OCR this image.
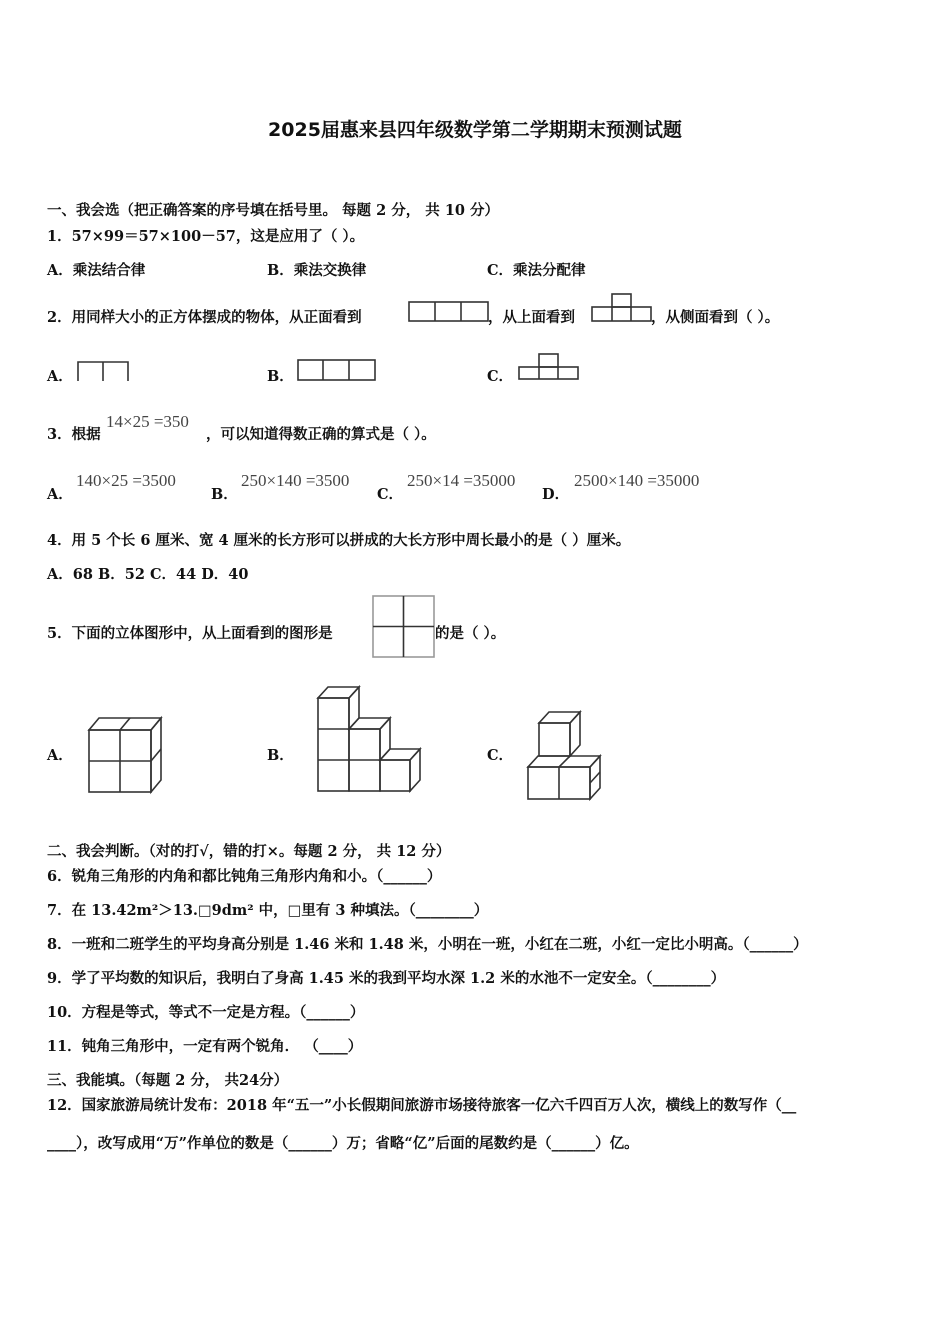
2025届惠来县四年级数学第二学期期末预测试题
一、我会选（把正确答案的序号填在括号里。 每题 2 分， 共 10 分）
1．57×99＝57×100－57，这是应用了（ ）。
A．乘法结合律	B．乘法交换律	C．乘法分配律
2．用同样大小的正方体摆成的物体，从正面看到	，从上面看到	，从侧面看到（ ）。
A．	B．	C．
3．根据
14×25 =350
，可以知道得数正确的算式是（ ）。
A．
140×25 =3500
B．
250×140 =3500
C．
250×14 =35000
D．
2500×140 =35000
4．用 5 个长 6 厘米、宽 4 厘米的长方形可以拼成的大长方形中周长最小的是（ ）厘米。
A．68 B．52 C．44 D．40
5．下面的立体图形中，从上面看到的图形是	的是（ ）。
A．	B．	C．
二、我会判断。（对的打√，错的打×。每题 2 分， 共 12 分）
6．锐角三角形的内角和都比钝角三角形内角和小。（______）
7．在 13.42m²＞13.□9dm² 中，□里有 3 种填法。（________）
8．一班和二班学生的平均身高分别是 1.46 米和 1.48 米，小明在一班，小红在二班，小红一定比小明高。（______）
9．学了平均数的知识后，我明白了身高 1.45 米的我到平均水深 1.2 米的水池不一定安全。（________）
10．方程是等式，等式不一定是方程。（______）
11．钝角三角形中，一定有两个锐角． （____）
三、我能填。（每题 2 分， 共24分）
12．国家旅游局统计发布：2018 年“五一”小长假期间旅游市场接待旅客一亿六千四百万人次，横线上的数写作（__
____），改写成用“万”作单位的数是（______）万；省略“亿”后面的尾数约是（______）亿。
